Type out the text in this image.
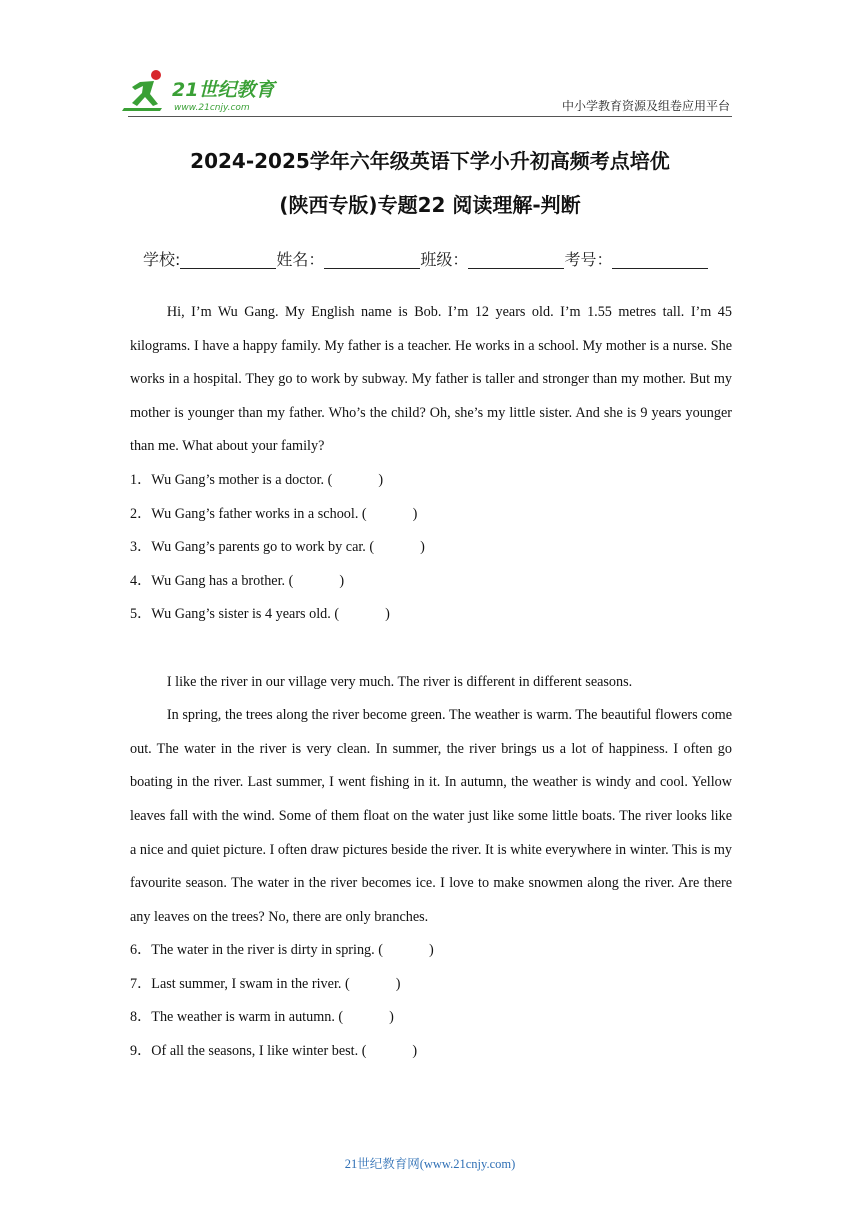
21世纪教育
www.21cnjy.com	中小学教育资源及组卷应用平台
2024-2025学年六年级英语下学小升初高频考点培优
(陕西专版)专题22 阅读理解-判断
学校:	姓名：	班级：	考号：

Hi, I’m Wu Gang. My English name is Bob. I’m 12 years old. I’m 1.55 metres tall. I’m 45 kilograms. I have a happy family. My father is a teacher. He works in a school. My mother is a nurse. She works in a hospital. They go to work by subway. My father is taller and stronger than my mother. But my mother is younger than my father. Who’s the child? Oh, she’s my little sister. And she is 9 years younger than me. What about your family?

1．Wu Gang’s mother is a doctor. (	)
2．Wu Gang’s father works in a school. (	)
3．Wu Gang’s parents go to work by car. (	)
4．Wu Gang has a brother. (	)
5．Wu Gang’s sister is 4 years old. (	)

I like the river in our village very much. The river is different in different seasons.

In spring, the trees along the river become green. The weather is warm. The beautiful flowers come out. The water in the river is very clean. In summer, the river brings us a lot of happiness. I often go boating in the river. Last summer, I went fishing in it. In autumn, the weather is windy and cool. Yellow leaves fall with the wind. Some of them float on the water just like some little boats. The river looks like a nice and quiet picture. I often draw pictures beside the river. It is white everywhere in winter. This is my favourite season. The water in the river becomes ice. I love to make snowmen along the river. Are there any leaves on the trees? No, there are only branches.

6．The water in the river is dirty in spring. (	)
7．Last summer, I swam in the river. (	)
8．The weather is warm in autumn. (	)
9．Of all the seasons, I like winter best. (	)
21世纪教育网(www.21cnjy.com)
